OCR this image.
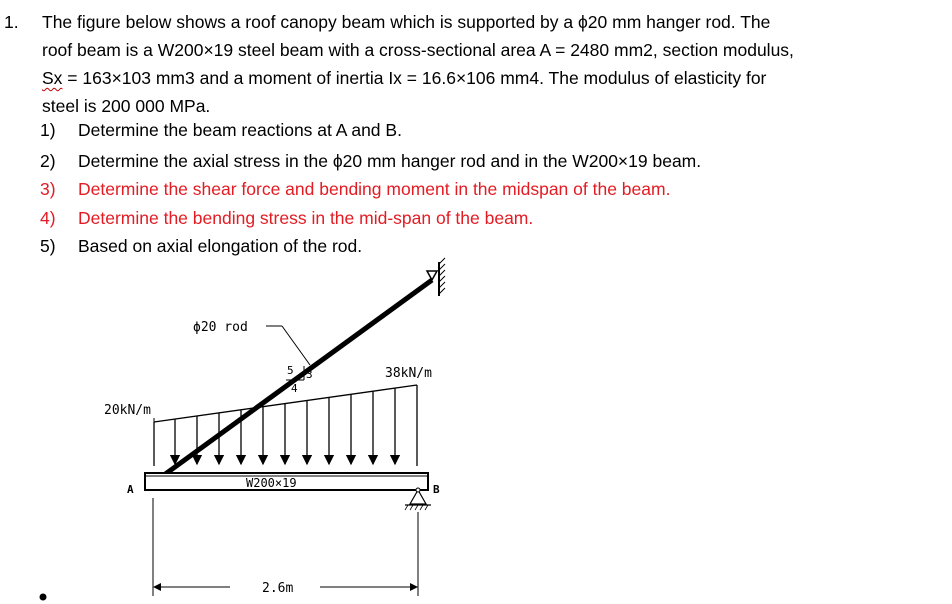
1. The figure below shows a roof canopy beam which is supported by a ϕ20 mm hanger rod. The
roof beam is a W200×19 steel beam with a cross-sectional area A = 2480 mm2, section modulus,
Sx = 163×103 mm3 and a moment of inertia Ix = 16.6×106 mm4. The modulus of elasticity for
steel is 200 000 MPa.
1) Determine the beam reactions at A and B.
2) Determine the axial stress in the ϕ20 mm hanger rod and in the W200×19 beam.
3) Determine the shear force and bending moment in the midspan of the beam.
4) Determine the bending stress in the mid-span of the beam.
5) Based on axial elongation of the rod.
ϕ20 rod
5 3
4
20kN/m
38kN/m
W200×19
A	B
2.6m
